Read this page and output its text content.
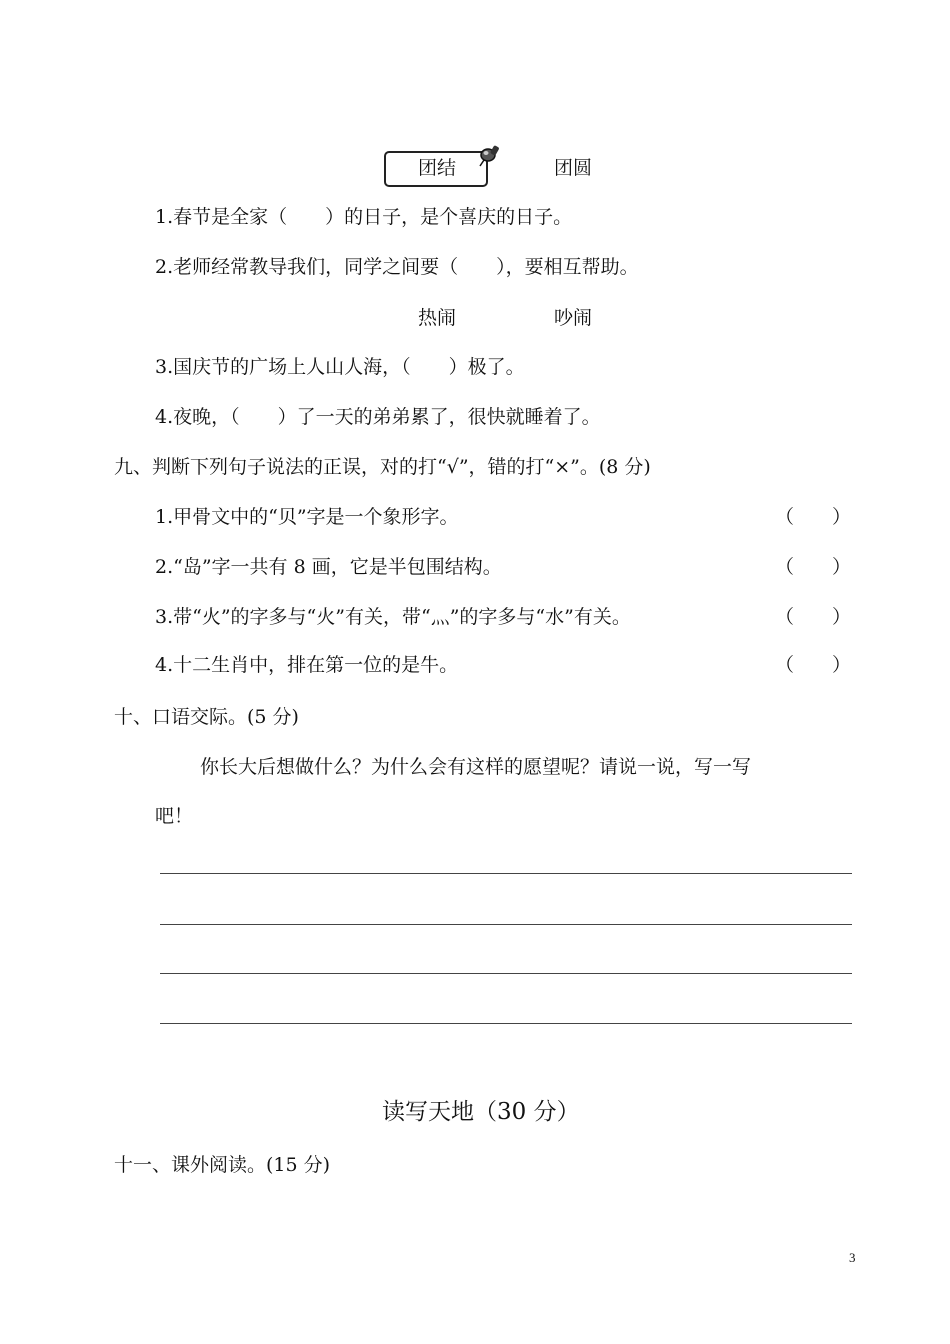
团结	团圆
1.春节是全家（　　）的日子，是个喜庆的日子。
2.老师经常教导我们，同学之间要（　　），要相互帮助。
热闹	吵闹
3.国庆节的广场上人山人海，（　　）极了。
4.夜晚，（　　）了一天的弟弟累了，很快就睡着了。
九、判断下列句子说法的正误，对的打“√”，错的打“×”。(8 分)
1.甲骨文中的“贝”字是一个象形字。	（　　）
2.“岛”字一共有 8 画，它是半包围结构。	（　　）
3.带“火”的字多与“火”有关，带“灬”的字多与“水”有关。	（　　）
4.十二生肖中，排在第一位的是牛。	（　　）
十、口语交际。(5 分)
你长大后想做什么？为什么会有这样的愿望呢？请说一说，写一写
吧！
读写天地（30 分）
十一、课外阅读。(15 分)
3
